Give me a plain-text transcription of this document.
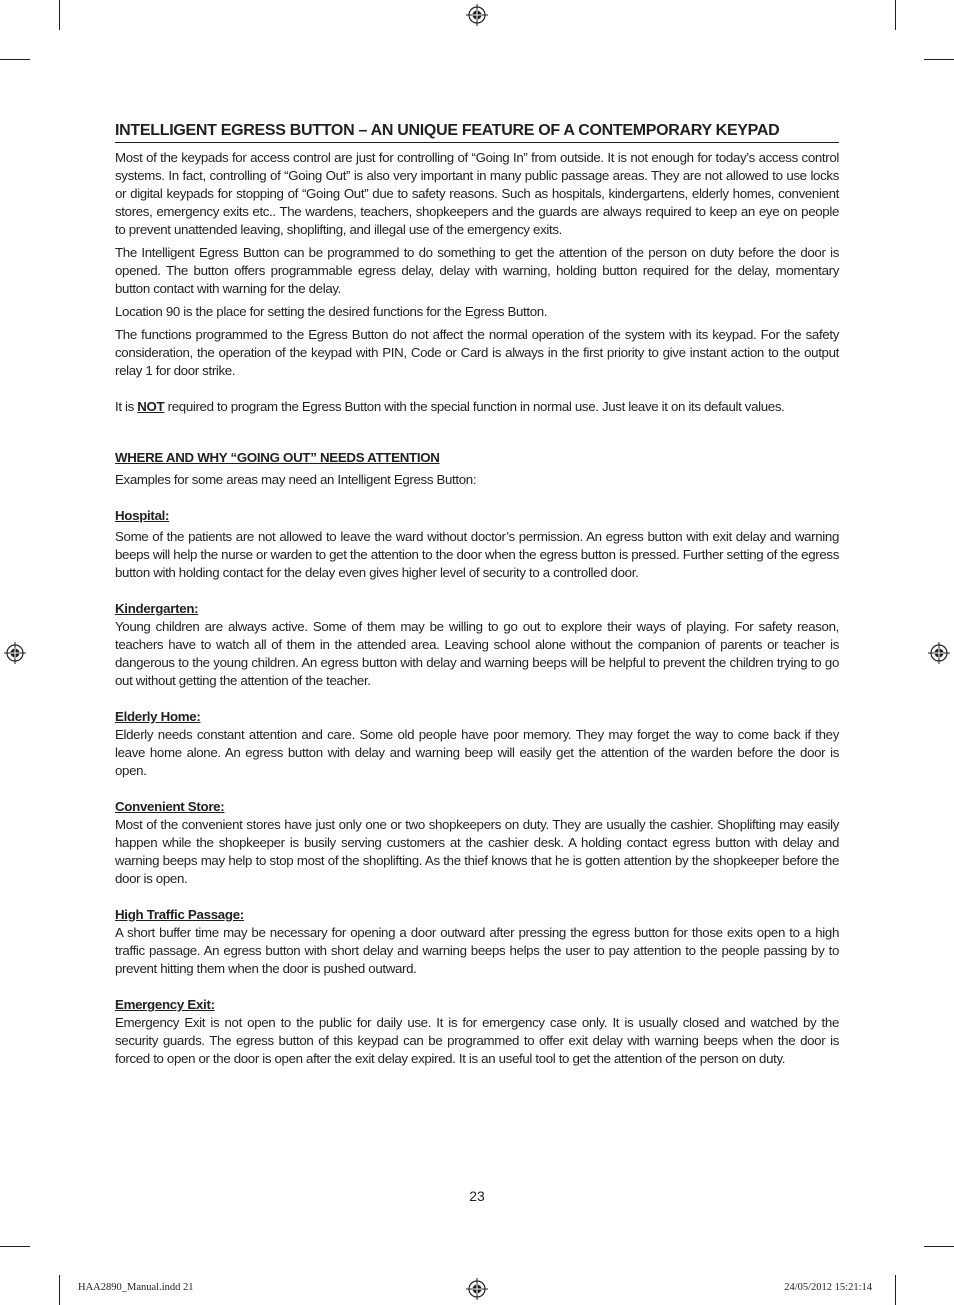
INTELLIGENT EGRESS BUTTON – AN UNIQUE FEATURE OF A CONTEMPORARY KEYPAD

Most of the keypads for access control are just for controlling of “Going In” from outside. It is not enough for today’s access control systems. In fact, controlling of “Going Out” is also very important in many public passage areas. They are not allowed to use locks or digital keypads for stopping of “Going Out” due to safety reasons. Such as hospitals, kindergartens, elderly homes, convenient stores, emergency exits etc.. The wardens, teachers, shopkeepers and the guards are always required to keep an eye on people to prevent unattended leaving, shoplifting, and illegal use of the emergency exits.

The Intelligent Egress Button can be programmed to do something to get the attention of the person on duty before the door is opened. The button offers programmable egress delay, delay with warning, holding button required for the delay, momentary button contact with warning for the delay.

Location 90 is the place for setting the desired functions for the Egress Button.

The functions programmed to the Egress Button do not affect the normal operation of the system with its keypad. For the safety consideration, the operation of the keypad with PIN, Code or Card is always in the first priority to give instant action to the output relay 1 for door strike.

It is NOT required to program the Egress Button with the special function in normal use. Just leave it on its default values.

WHERE AND WHY “GOING OUT” NEEDS ATTENTION

Examples for some areas may need an Intelligent Egress Button:

Hospital:

Some of the patients are not allowed to leave the ward without doctor’s permission. An egress button with exit delay and warning beeps will help the nurse or warden to get the attention to the door when the egress button is pressed. Further setting of the egress button with holding contact for the delay even gives higher level of security to a controlled door.

Kindergarten:

Young children are always active. Some of them may be willing to go out to explore their ways of playing. For safety reason, teachers have to watch all of them in the attended area. Leaving school alone without the companion of parents or teacher is dangerous to the young children. An egress button with delay and warning beeps will be helpful to prevent the children trying to go out without getting the attention of the teacher.

Elderly Home:

Elderly needs constant attention and care. Some old people have poor memory. They may forget the way to come back if they leave home alone. An egress button with delay and warning beep will easily get the attention of the warden before the door is open.

Convenient Store:

Most of the convenient stores have just only one or two shopkeepers on duty. They are usually the cashier. Shoplifting may easily happen while the shopkeeper is busily serving customers at the cashier desk. A holding contact egress button with delay and warning beeps may help to stop most of the shoplifting. As the thief knows that he is gotten attention by the shopkeeper before the door is open.

High Traffic Passage:

A short buffer time may be necessary for opening a door outward after pressing the egress button for those exits open to a high traffic passage. An egress button with short delay and warning beeps helps the user to pay attention to the people passing by to prevent hitting them when the door is pushed outward.

Emergency Exit:

Emergency Exit is not open to the public for daily use. It is for emergency case only. It is usually closed and watched by the security guards. The egress button of this keypad can be programmed to offer exit delay with warning beeps when the door is forced to open or the door is open after the exit delay expired. It is an useful tool to get the attention of the person on duty.

23
HAA2890_Manual.indd 21	24/05/2012 15:21:14
